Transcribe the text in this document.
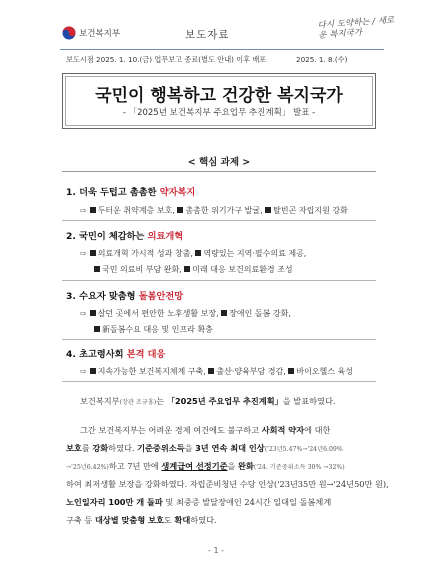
보건복지부	보도자료
다시 도약하는 / 새로운 복지국가
보도시점 2025. 1. 10.(금) 업무보고 종료(별도 안내) 이후 배포	2025. 1. 8.(수)
국민이 행복하고 건강한 복지국가
- 「2025년 보건복지부 주요업무 추진계획」 발표 -
< 핵심 과제 >
1. 더욱 두텁고 촘촘한 약자복지
⇨ 두터운 취약계층 보호, 촘촘한 위기가구 발굴, 탈빈곤 자립지원 강화
2. 국민이 체감하는 의료개혁
⇨ 의료개혁 가시적 성과 창출, 역량있는 지역·필수의료 제공,
국민 의료비 부담 완화, 미래 대응 보건의료환경 조성
3. 수요자 맞춤형 돌봄안전망
⇨ 살던 곳에서 편안한 노후생활 보장, 장애인 돌봄 강화,
新돌봄수요 대응 및 인프라 확충
4. 초고령사회 본격 대응
⇨ 지속가능한 보건복지체계 구축, 출산·양육부담 경감, 바이오헬스 육성
보건복지부(장관 조규홍)는 「2025년 주요업무 추진계획」을 발표하였다.
그간 보건복지부는 어려운 경제 여건에도 불구하고 사회적 약자에 대한
보호를 강화하였다. 기준중위소득을 3년 연속 최대 인상('23년5.47%→'24년6.09%
→'25년6.42%)하고 7년 만에 생계급여 선정기준을 완화('24. 기준중위소득 30% →32%)
하여 최저생활 보장을 강화하였다. 자립준비청년 수당 인상('23년35만 원→'24년50만 원),
노인일자리 100만 개 돌파 및 최중증 발달장애인 24시간 일대일 돌봄체계
구축 등 대상별 맞춤형 보호도 확대하였다.
- 1 -
